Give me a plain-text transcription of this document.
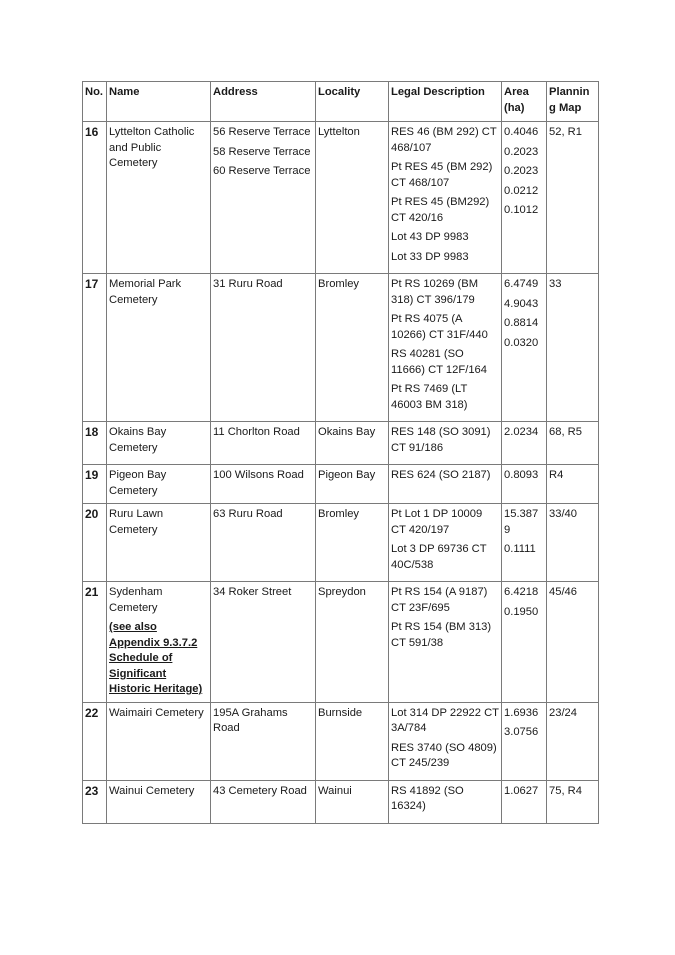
No.	Name	Address	Locality	Legal Description	Area (ha)	Planning Map
16	Lyttelton Catholic and Public Cemetery	56 Reserve Terrace
58 Reserve Terrace
60 Reserve Terrace	Lyttelton	RES 46 (BM 292) CT 468/107
Pt RES 45 (BM 292) CT 468/107
Pt RES 45 (BM292) CT 420/16
Lot 43 DP 9983
Lot 33 DP 9983	0.4046
0.2023
0.2023
0.0212
0.1012	52, R1
17	Memorial Park Cemetery	31 Ruru Road	Bromley	Pt RS 10269 (BM 318) CT 396/179
Pt RS 4075 (A 10266) CT 31F/440
RS 40281 (SO 11666) CT 12F/164
Pt RS 7469 (LT 46003 BM 318)	6.4749
4.9043
0.8814
0.0320	33
18	Okains Bay Cemetery	11 Chorlton Road	Okains Bay	RES 148 (SO 3091) CT 91/186	2.0234	68, R5
19	Pigeon Bay Cemetery	100 Wilsons Road	Pigeon Bay	RES 624 (SO 2187)	0.8093	R4
20	Ruru Lawn Cemetery	63 Ruru Road	Bromley	Pt Lot 1 DP 10009 CT 420/197
Lot 3 DP 69736 CT 40C/538	15.3879
0.1111	33/40
21	Sydenham Cemetery
(see also Appendix 9.3.7.2 Schedule of Significant Historic Heritage)	34 Roker Street	Spreydon	Pt RS 154 (A 9187) CT 23F/695
Pt RS 154 (BM 313) CT 591/38	6.4218
0.1950	45/46
22	Waimairi Cemetery	195A Grahams Road	Burnside	Lot 314 DP 22922 CT 3A/784
RES 3740 (SO 4809) CT 245/239	1.6936
3.0756	23/24
23	Wainui Cemetery	43 Cemetery Road	Wainui	RS 41892 (SO 16324)	1.0627	75, R4
